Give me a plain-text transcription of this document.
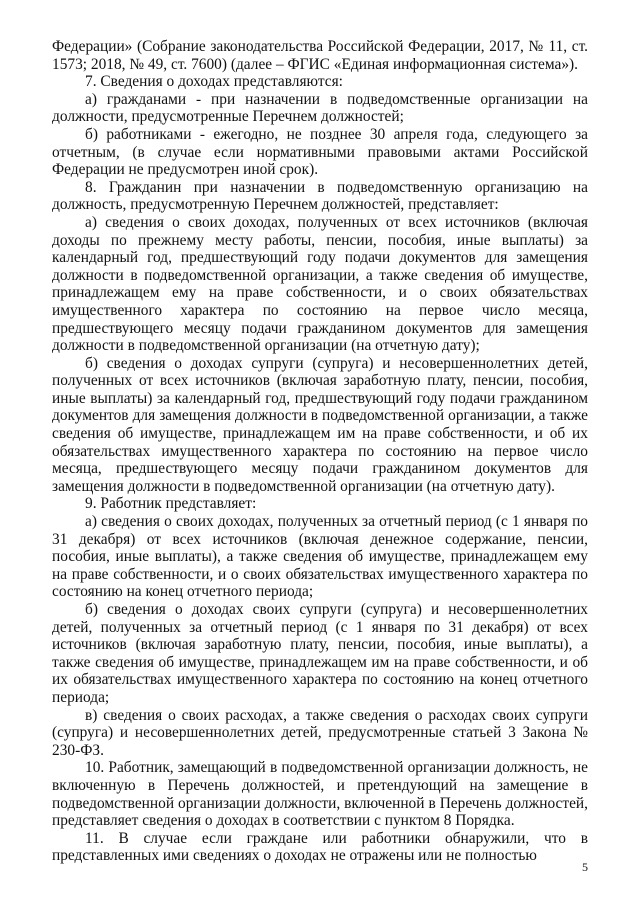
Федерации» (Собрание законодательства Российской Федерации, 2017, № 11, ст. 1573; 2018, № 49, ст. 7600) (далее – ФГИС «Единая информационная система»).

7. Сведения о доходах представляются:

а) гражданами - при назначении в подведомственные организации на должности, предусмотренные Перечнем должностей;

б) работниками - ежегодно, не позднее 30 апреля года, следующего за отчетным, (в случае если нормативными правовыми актами Российской Федерации не предусмотрен иной срок).

8. Гражданин при назначении в подведомственную организацию на должность, предусмотренную Перечнем должностей, представляет:

а) сведения о своих доходах, полученных от всех источников (включая доходы по прежнему месту работы, пенсии, пособия, иные выплаты) за календарный год, предшествующий году подачи документов для замещения должности в подведомственной организации, а также сведения об имуществе, принадлежащем ему на праве собственности, и о своих обязательствах имущественного характера по состоянию на первое число месяца, предшествующего месяцу подачи гражданином документов для замещения должности в подведомственной организации (на отчетную дату);

б) сведения о доходах супруги (супруга) и несовершеннолетних детей, полученных от всех источников (включая заработную плату, пенсии, пособия, иные выплаты) за календарный год, предшествующий году подачи гражданином документов для замещения должности в подведомственной организации, а также сведения об имуществе, принадлежащем им на праве собственности, и об их обязательствах имущественного характера по состоянию на первое число месяца, предшествующего месяцу подачи гражданином документов для замещения должности в подведомственной организации (на отчетную дату).

9. Работник представляет:

а) сведения о своих доходах, полученных за отчетный период (с 1 января по 31 декабря) от всех источников (включая денежное содержание, пенсии, пособия, иные выплаты), а также сведения об имуществе, принадлежащем ему на праве собственности, и о своих обязательствах имущественного характера по состоянию на конец отчетного периода;

б) сведения о доходах своих супруги (супруга) и несовершеннолетних детей, полученных за отчетный период (с 1 января по 31 декабря) от всех источников (включая заработную плату, пенсии, пособия, иные выплаты), а также сведения об имуществе, принадлежащем им на праве собственности, и об их обязательствах имущественного характера по состоянию на конец отчетного периода;

в) сведения о своих расходах, а также сведения о расходах своих супруги (супруга) и несовершеннолетних детей, предусмотренные статьей 3 Закона № 230-ФЗ.

10. Работник, замещающий в подведомственной организации должность, не включенную в Перечень должностей, и претендующий на замещение в подведомственной организации должности, включенной в Перечень должностей, представляет сведения о доходах в соответствии с пунктом 8 Порядка.

11. В случае если граждане или работники обнаружили, что в представленных ими сведениях о доходах не отражены или не полностью

5
